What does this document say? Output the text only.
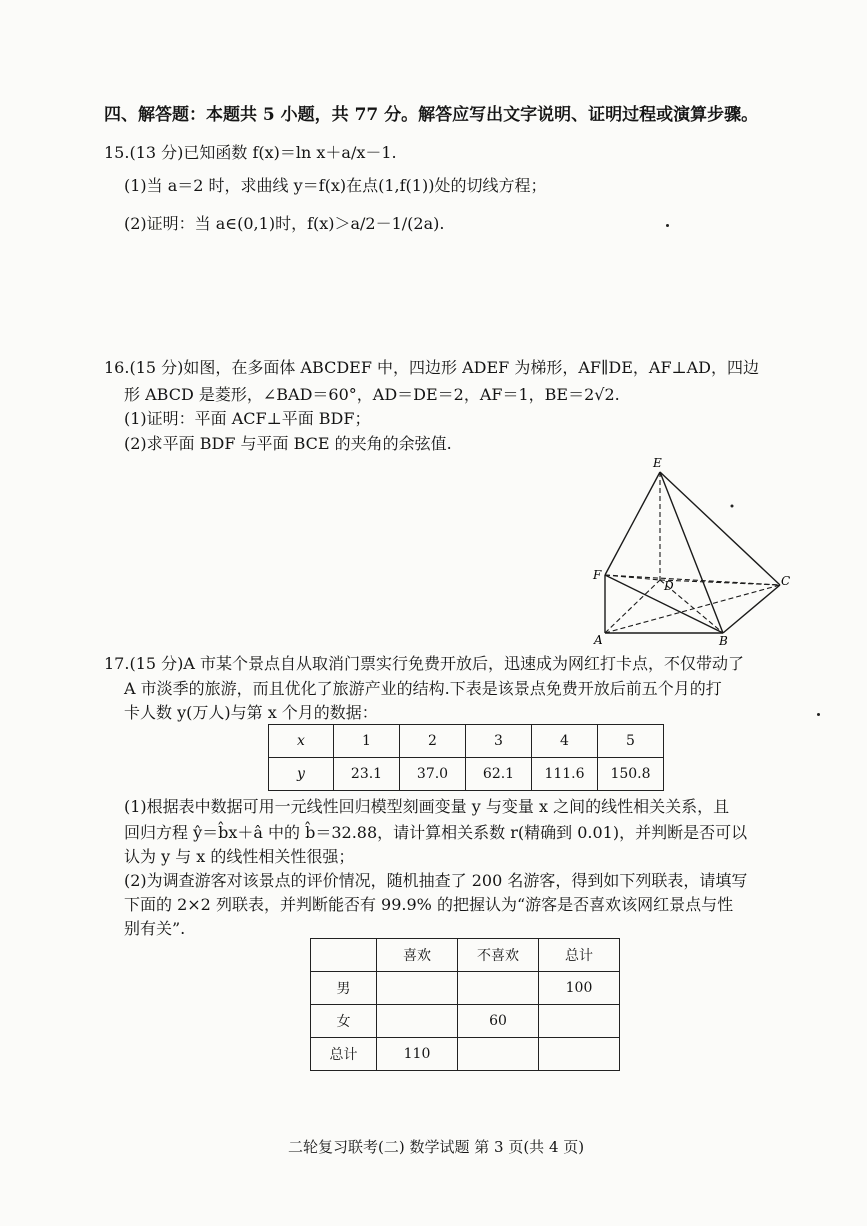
四、解答题：本题共 5 小题，共 77 分。解答应写出文字说明、证明过程或演算步骤。
15.(13 分)已知函数 f(x)＝ln x＋a/x－1.
(1)当 a＝2 时，求曲线 y＝f(x)在点(1,f(1))处的切线方程；
(2)证明：当 a∈(0,1)时，f(x)＞a/2－1/(2a).
16.(15 分)如图，在多面体 ABCDEF 中，四边形 ADEF 为梯形，AF∥DE，AF⊥AD，四边
形 ABCD 是菱形，∠BAD＝60°，AD＝DE＝2，AF＝1，BE＝2√2.
(1)证明：平面 ACF⊥平面 BDF；
(2)求平面 BDF 与平面 BCE 的夹角的余弦值.
E
F
D	C
A	B
17.(15 分)A 市某个景点自从取消门票实行免费开放后，迅速成为网红打卡点，不仅带动了
A 市淡季的旅游，而且优化了旅游产业的结构.下表是该景点免费开放后前五个月的打
卡人数 y(万人)与第 x 个月的数据：
x	1	2	3	4	5
y	23.1	37.0	62.1	111.6	150.8
(1)根据表中数据可用一元线性回归模型刻画变量 y 与变量 x 之间的线性相关关系，且
回归方程 ŷ＝b̂x＋â 中的 b̂＝32.88，请计算相关系数 r(精确到 0.01)，并判断是否可以
认为 y 与 x 的线性相关性很强；
(2)为调查游客对该景点的评价情况，随机抽查了 200 名游客，得到如下列联表，请填写
下面的 2×2 列联表，并判断能否有 99.9% 的把握认为“游客是否喜欢该网红景点与性
别有关”.
	喜欢	不喜欢	总计
男			100
女		60	
总计	110		
二轮复习联考(二) 数学试题 第 3 页(共 4 页)
